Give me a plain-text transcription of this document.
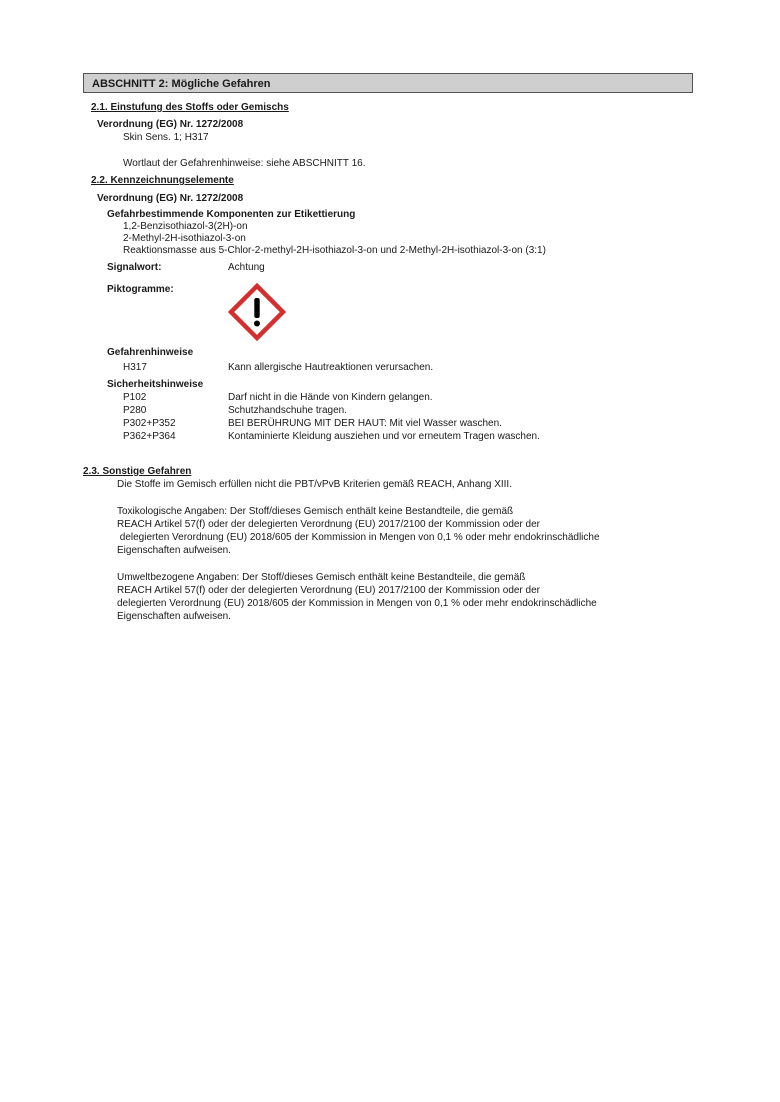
ABSCHNITT 2: Mögliche Gefahren
2.1. Einstufung des Stoffs oder Gemischs
Verordnung (EG) Nr. 1272/2008
Skin Sens. 1; H317
Wortlaut der Gefahrenhinweise: siehe ABSCHNITT 16.
2.2. Kennzeichnungselemente
Verordnung (EG) Nr. 1272/2008
Gefahrbestimmende Komponenten zur Etikettierung
1,2-Benzisothiazol-3(2H)-on
2-Methyl-2H-isothiazol-3-on
Reaktionsmasse aus 5-Chlor-2-methyl-2H-isothiazol-3-on und 2-Methyl-2H-isothiazol-3-on (3:1)
Signalwort:	Achtung
Piktogramme:
Gefahrenhinweise
H317	Kann allergische Hautreaktionen verursachen.
Sicherheitshinweise
P102	Darf nicht in die Hände von Kindern gelangen.
P280	Schutzhandschuhe tragen.
P302+P352	BEI BERÜHRUNG MIT DER HAUT: Mit viel Wasser waschen.
P362+P364	Kontaminierte Kleidung ausziehen und vor erneutem Tragen waschen.
2.3. Sonstige Gefahren
Die Stoffe im Gemisch erfüllen nicht die PBT/vPvB Kriterien gemäß REACH, Anhang XIII.
Toxikologische Angaben: Der Stoff/dieses Gemisch enthält keine Bestandteile, die gemäß
REACH Artikel 57(f) oder der delegierten Verordnung (EU) 2017/2100 der Kommission oder der
delegierten Verordnung (EU) 2018/605 der Kommission in Mengen von 0,1 % oder mehr endokrinschädliche
Eigenschaften aufweisen.
Umweltbezogene Angaben: Der Stoff/dieses Gemisch enthält keine Bestandteile, die gemäß
REACH Artikel 57(f) oder der delegierten Verordnung (EU) 2017/2100 der Kommission oder der
delegierten Verordnung (EU) 2018/605 der Kommission in Mengen von 0,1 % oder mehr endokrinschädliche
Eigenschaften aufweisen.
